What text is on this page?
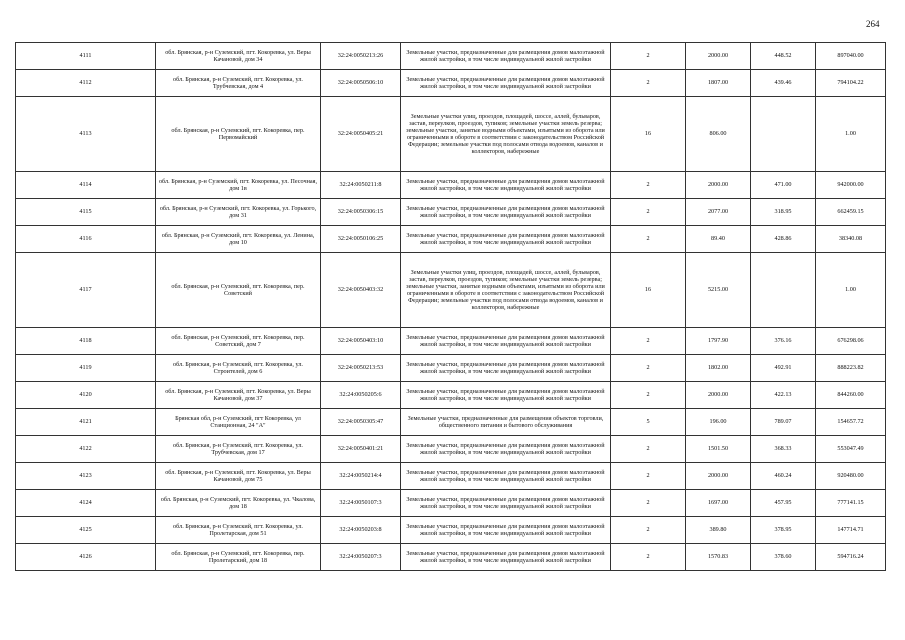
264
4111	обл. Брянская, р-н Суземский, пгт. Кокоревка, ул. Веры Качановой, дом 34	32:24:0050213:26	Земельные участки, предназначенные для размещения домов малоэтажной жилой застройки, в том числе индивидуальной жилой застройки	2	2000.00	448.52	897040.00
4112	обл. Брянская, р-н Суземский, пгт. Кокоревка, ул. Трубчевская, дом 4	32:24:0050506:10	Земельные участки, предназначенные для размещения домов малоэтажной жилой застройки, в том числе индивидуальной жилой застройки	2	1807.00	439.46	794104.22
4113	обл. Брянская, р-н Суземский, пгт. Кокоревка, пер. Первомайский	32:24:0050405:21	Земельные участки улиц, проездов, площадей, шоссе, аллей, бульваров, застав, переулков, проездов, тупиков; земельные участки земель резерва; земельные участки, занятые водными объектами, изъятыми из оборота или ограниченными в обороте в соответствии с законодательством Российской Федерации; земельные участки под полосами отвода водоемов, каналов и коллекторов, набережные	16	806.00		1.00
4114	обл. Брянская, р-н Суземский, пгт. Кокоревка, ул. Песочная, дом 1в	32:24:0050211:8	Земельные участки, предназначенные для размещения домов малоэтажной жилой застройки, в том числе индивидуальной жилой застройки	2	2000.00	471.00	942000.00
4115	обл. Брянская, р-н Суземский, пгт. Кокоревка, ул. Горького, дом 31	32:24:0050306:15	Земельные участки, предназначенные для размещения домов малоэтажной жилой застройки, в том числе индивидуальной жилой застройки	2	2077.00	318.95	662459.15
4116	обл. Брянская, р-н Суземский, пгт. Кокоревка, ул. Ленина, дом 10	32:24:0050106:25	Земельные участки, предназначенные для размещения домов малоэтажной жилой застройки, в том числе индивидуальной жилой застройки	2	89.40	428.86	38340.08
4117	обл. Брянская, р-н Суземский, пгт. Кокоревка, пер. Советский	32:24:0050403:32	Земельные участки улиц, проездов, площадей, шоссе, аллей, бульваров, застав, переулков, проездов, тупиков; земельные участки земель резерва; земельные участки, занятые водными объектами, изъятыми из оборота или ограниченными в обороте в соответствии с законодательством Российской Федерации; земельные участки под полосами отвода водоемов, каналов и коллекторов, набережные	16	5215.00		1.00
4118	обл. Брянская, р-н Суземский, пгт. Кокоревка, пер. Советский, дом 7	32:24:0050403:10	Земельные участки, предназначенные для размещения домов малоэтажной жилой застройки, в том числе индивидуальной жилой застройки	2	1797.90	376.16	676298.06
4119	обл. Брянская, р-н Суземский, пгт. Кокоревка, ул. Строителей, дом 6	32:24:0050213:53	Земельные участки, предназначенные для размещения домов малоэтажной жилой застройки, в том числе индивидуальной жилой застройки	2	1802.00	492.91	888223.82
4120	обл. Брянская, р-н Суземский, пгт. Кокоревка, ул. Веры Качановой, дом 37	32:24:0050205:6	Земельные участки, предназначенные для размещения домов малоэтажной жилой застройки, в том числе индивидуальной жилой застройки	2	2000.00	422.13	844260.00
4121	Брянская обл, р-н Суземский, пгт Кокоревка, ул Станционная, 24 "А"	32:24:0050305:47	Земельные участки, предназначенные для размещения объектов торговли, общественного питания и бытового обслуживания	5	196.00	789.07	154657.72
4122	обл. Брянская, р-н Суземский, пгт. Кокоревка, ул. Трубчевская, дом 17	32:24:0050401:21	Земельные участки, предназначенные для размещения домов малоэтажной жилой застройки, в том числе индивидуальной жилой застройки	2	1501.50	368.33	553047.49
4123	обл. Брянская, р-н Суземский, пгт. Кокоревка, ул. Веры Качановой, дом 75	32:24:0050214:4	Земельные участки, предназначенные для размещения домов малоэтажной жилой застройки, в том числе индивидуальной жилой застройки	2	2000.00	460.24	920480.00
4124	обл. Брянская, р-н Суземский, пгт. Кокоревка, ул. Чкалова, дом 18	32:24:0050107:3	Земельные участки, предназначенные для размещения домов малоэтажной жилой застройки, в том числе индивидуальной жилой застройки	2	1697.00	457.95	777141.15
4125	обл. Брянская, р-н Суземский, пгт. Кокоревка, ул. Пролетарская, дом 51	32:24:0050203:8	Земельные участки, предназначенные для размещения домов малоэтажной жилой застройки, в том числе индивидуальной жилой застройки	2	389.80	378.95	147714.71
4126	обл. Брянская, р-н Суземский, пгт. Кокоревка, пер. Пролетарский, дом 18	32:24:0050207:3	Земельные участки, предназначенные для размещения домов малоэтажной жилой застройки, в том числе индивидуальной жилой застройки	2	1570.83	378.60	594716.24
